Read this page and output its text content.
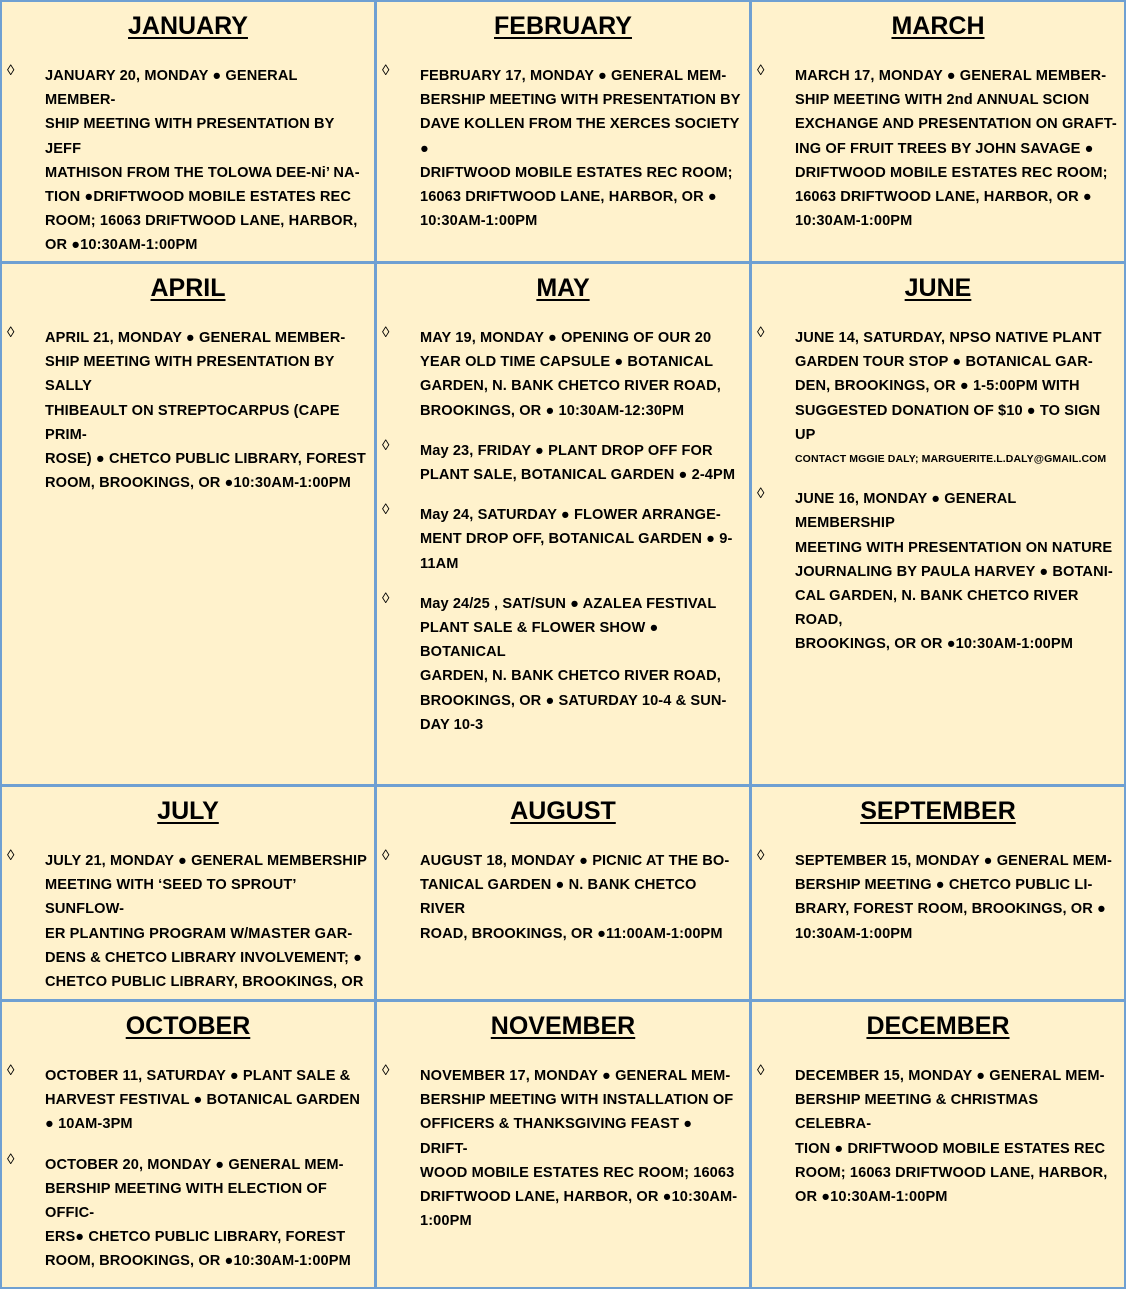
JANUARY
◊ JANUARY 20, MONDAY ● GENERAL MEMBER-
SHIP MEETING WITH PRESENTATION BY JEFF
MATHISON FROM THE TOLOWA DEE-Ni’ NA-
TION ●DRIFTWOOD MOBILE ESTATES REC
ROOM; 16063 DRIFTWOOD LANE, HARBOR,
OR ●10:30AM-1:00PM
FEBRUARY
◊ FEBRUARY 17, MONDAY ● GENERAL MEM-
BERSHIP MEETING WITH PRESENTATION BY
DAVE KOLLEN FROM THE XERCES SOCIETY ●
DRIFTWOOD MOBILE ESTATES REC ROOM;
16063 DRIFTWOOD LANE, HARBOR, OR ●
10:30AM-1:00PM
MARCH
◊ MARCH 17, MONDAY ● GENERAL MEMBER-
SHIP MEETING WITH 2nd ANNUAL SCION
EXCHANGE AND PRESENTATION ON GRAFT-
ING OF FRUIT TREES BY JOHN SAVAGE ●
DRIFTWOOD MOBILE ESTATES REC ROOM;
16063 DRIFTWOOD LANE, HARBOR, OR ●
10:30AM-1:00PM
APRIL
◊ APRIL 21, MONDAY ● GENERAL MEMBER-
SHIP MEETING WITH PRESENTATION BY SALLY
THIBEAULT ON STREPTOCARPUS (CAPE PRIM-
ROSE) ● CHETCO PUBLIC LIBRARY, FOREST
ROOM, BROOKINGS, OR ●10:30AM-1:00PM
MAY
◊ MAY 19, MONDAY ● OPENING OF OUR 20
YEAR OLD TIME CAPSULE ● BOTANICAL
GARDEN, N. BANK CHETCO RIVER ROAD,
BROOKINGS, OR ● 10:30AM-12:30PM
◊ May 23, FRIDAY ● PLANT DROP OFF FOR
PLANT SALE, BOTANICAL GARDEN ● 2-4PM
◊ May 24, SATURDAY ● FLOWER ARRANGE-
MENT DROP OFF, BOTANICAL GARDEN ● 9-
11AM
◊ May 24/25 , SAT/SUN ● AZALEA FESTIVAL
PLANT SALE & FLOWER SHOW ● BOTANICAL
GARDEN, N. BANK CHETCO RIVER ROAD,
BROOKINGS, OR ● SATURDAY 10-4 & SUN-
DAY 10-3
JUNE
◊ JUNE 14, SATURDAY, NPSO NATIVE PLANT
GARDEN TOUR STOP ● BOTANICAL GAR-
DEN, BROOKINGS, OR ● 1-5:00PM WITH
SUGGESTED DONATION OF $10 ● TO SIGN UP
CONTACT MGGIE DALY; MARGUERITE.L.DALY@GMAIL.COM
◊ JUNE 16, MONDAY ● GENERAL MEMBERSHIP
MEETING WITH PRESENTATION ON NATURE
JOURNALING BY PAULA HARVEY ● BOTANI-
CAL GARDEN, N. BANK CHETCO RIVER ROAD,
BROOKINGS, OR OR ●10:30AM-1:00PM
JULY
◊ JULY 21, MONDAY ● GENERAL MEMBERSHIP
MEETING WITH ‘SEED TO SPROUT’ SUNFLOW-
ER PLANTING PROGRAM W/MASTER GAR-
DENS & CHETCO LIBRARY INVOLVEMENT; ●
CHETCO PUBLIC LIBRARY, BROOKINGS, OR
AUGUST
◊ AUGUST 18, MONDAY ● PICNIC AT THE BO-
TANICAL GARDEN ● N. BANK CHETCO RIVER
ROAD, BROOKINGS, OR ●11:00AM-1:00PM
SEPTEMBER
◊ SEPTEMBER 15, MONDAY ● GENERAL MEM-
BERSHIP MEETING ● CHETCO PUBLIC LI-
BRARY, FOREST ROOM, BROOKINGS, OR ●
10:30AM-1:00PM
OCTOBER
◊ OCTOBER 11, SATURDAY ● PLANT SALE &
HARVEST FESTIVAL ● BOTANICAL GARDEN
● 10AM-3PM
◊ OCTOBER 20, MONDAY ● GENERAL MEM-
BERSHIP MEETING WITH ELECTION OF OFFIC-
ERS● CHETCO PUBLIC LIBRARY, FOREST
ROOM, BROOKINGS, OR ●10:30AM-1:00PM
NOVEMBER
◊ NOVEMBER 17, MONDAY ● GENERAL MEM-
BERSHIP MEETING WITH INSTALLATION OF
OFFICERS & THANKSGIVING FEAST ● DRIFT-
WOOD MOBILE ESTATES REC ROOM; 16063
DRIFTWOOD LANE, HARBOR, OR ●10:30AM-
1:00PM
DECEMBER
◊ DECEMBER 15, MONDAY ● GENERAL MEM-
BERSHIP MEETING & CHRISTMAS CELEBRA-
TION ● DRIFTWOOD MOBILE ESTATES REC
ROOM; 16063 DRIFTWOOD LANE, HARBOR,
OR ●10:30AM-1:00PM
